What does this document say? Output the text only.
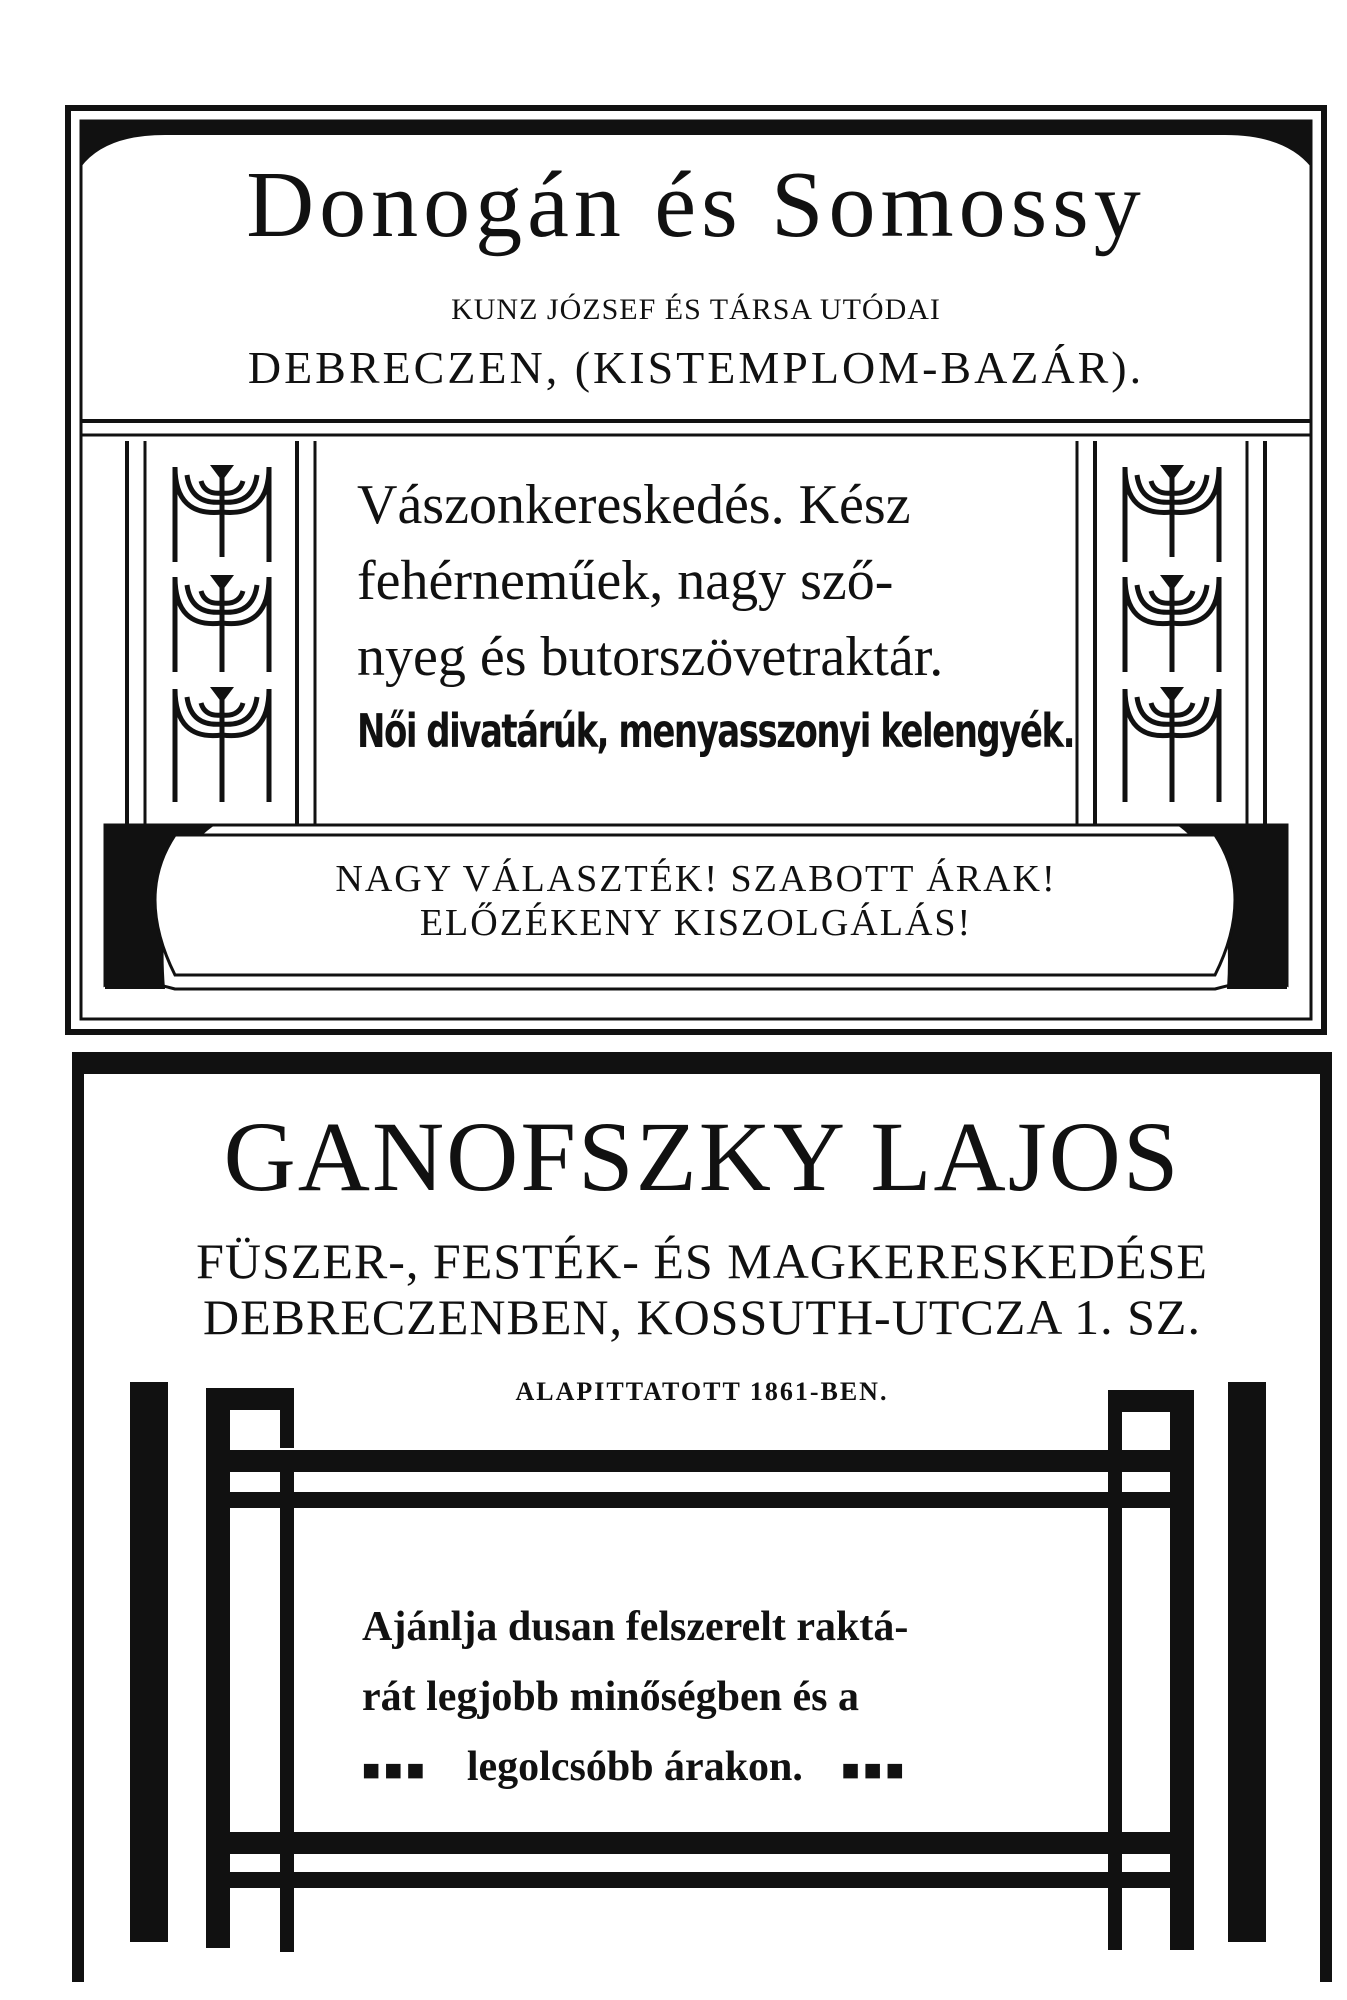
Donogán és Somossy
KUNZ JÓZSEF ÉS TÁRSA UTÓDAI
DEBRECZEN, (KISTEMPLOM-BAZÁR).
Vászonkereskedés. Kész
fehérneműek, nagy sző-
nyeg és butorszövetraktár.
Női divatárúk, menyasszonyi kelengyék.
NAGY VÁLASZTÉK! SZABOTT ÁRAK!
ELŐZÉKENY KISZOLGÁLÁS!
GANOFSZKY LAJOS
FÜSZER-, FESTÉK- ÉS MAGKERESKEDÉSE
DEBRECZENBEN, KOSSUTH-UTCZA 1. SZ.
ALAPITTATOTT 1861-BEN.
Ajánlja dusan felszerelt raktá-
rát legjobb minőségben és a
■■■ legolcsóbb árakon. ■■■
